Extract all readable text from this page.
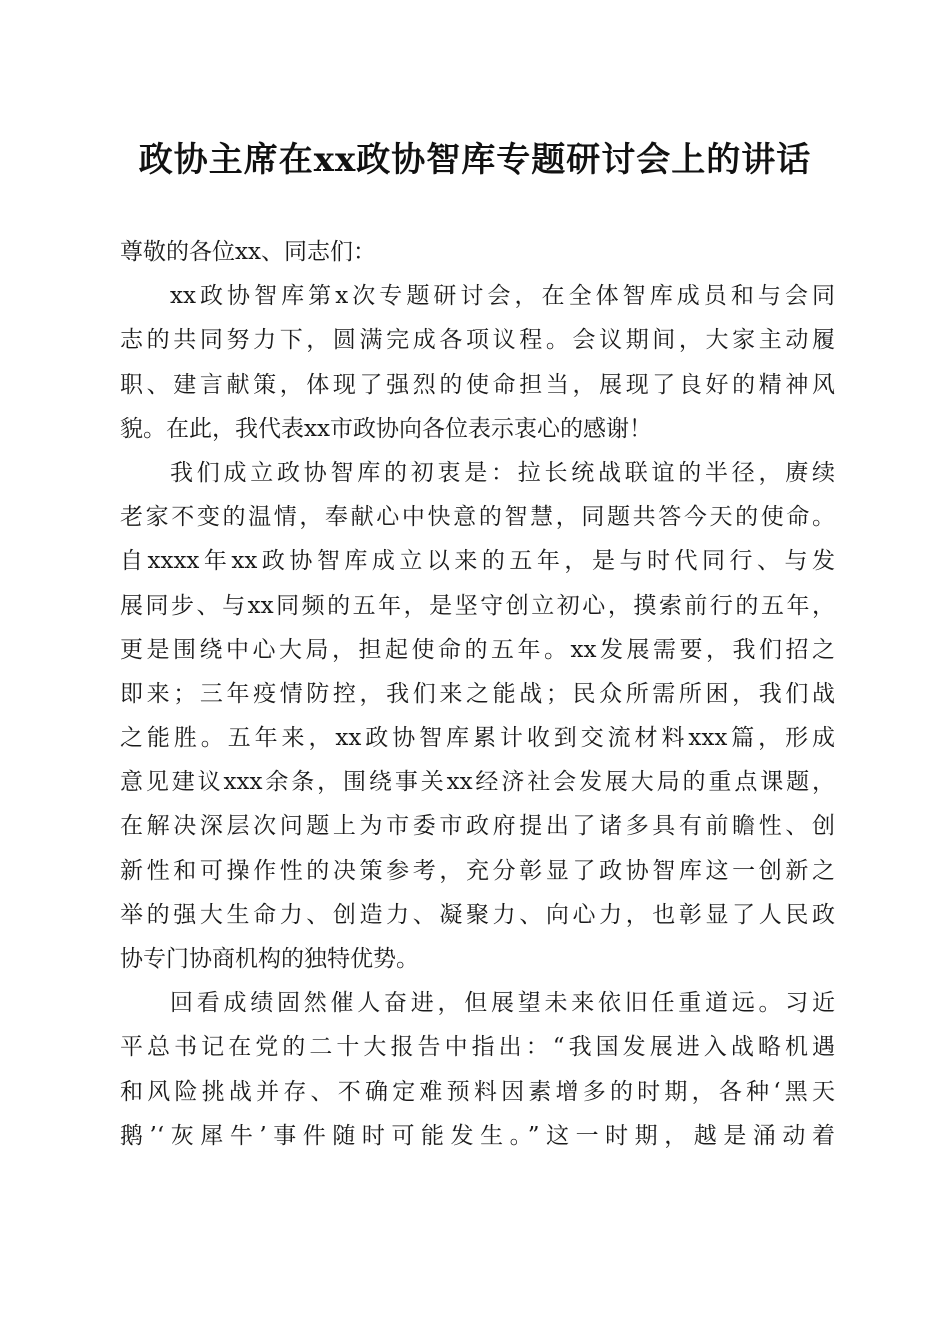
政协主席在xx政协智库专题研讨会上的讲话
尊敬的各位xx、同志们：
xx政协智库第x次专题研讨会，在全体智库成员和与会同
志的共同努力下，圆满完成各项议程。会议期间，大家主动履
职、建言献策，体现了强烈的使命担当，展现了良好的精神风
貌。在此，我代表xx市政协向各位表示衷心的感谢！
我们成立政协智库的初衷是：拉长统战联谊的半径，赓续
老家不变的温情，奉献心中快意的智慧，同题共答今天的使命。
自xxxx年xx政协智库成立以来的五年，是与时代同行、与发
展同步、与xx同频的五年，是坚守创立初心，摸索前行的五年，
更是围绕中心大局，担起使命的五年。xx发展需要，我们招之
即来；三年疫情防控，我们来之能战；民众所需所困，我们战
之能胜。五年来，xx政协智库累计收到交流材料xxx篇，形成
意见建议xxx余条，围绕事关xx经济社会发展大局的重点课题，
在解决深层次问题上为市委市政府提出了诸多具有前瞻性、创
新性和可操作性的决策参考，充分彰显了政协智库这一创新之
举的强大生命力、创造力、凝聚力、向心力，也彰显了人民政
协专门协商机构的独特优势。
回看成绩固然催人奋进，但展望未来依旧任重道远。习近
平总书记在党的二十大报告中指出：“我国发展进入战略机遇
和风险挑战并存、不确定难预料因素增多的时期，各种‘黑天
鹅’‘灰犀牛’事件随时可能发生。”这一时期，越是涌动着
